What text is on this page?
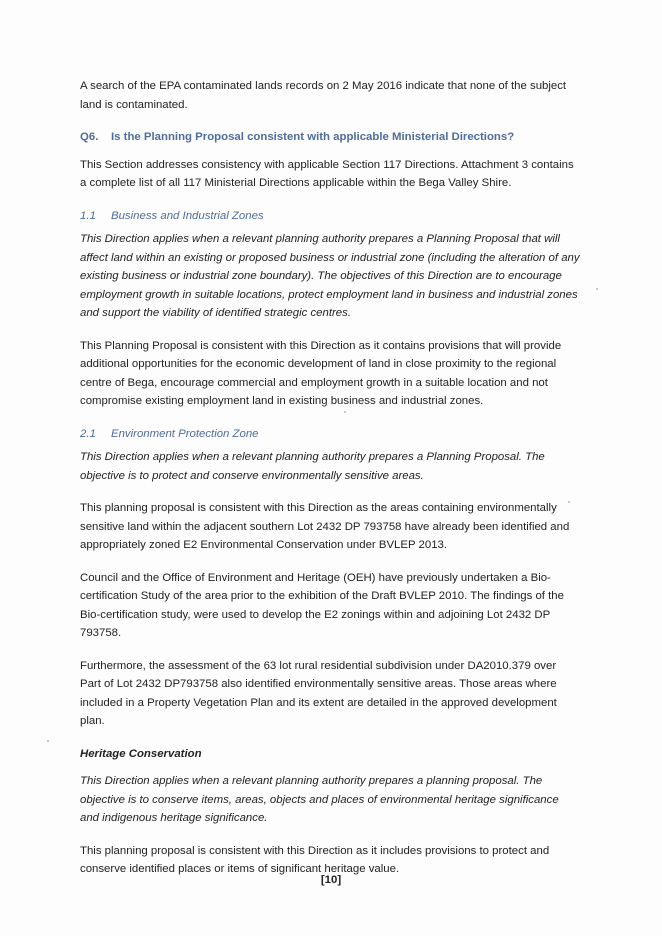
A search of the EPA contaminated lands records on 2 May 2016 indicate that none of the subject land is contaminated.

Q6. Is the Planning Proposal consistent with applicable Ministerial Directions?

This Section addresses consistency with applicable Section 117 Directions. Attachment 3 contains a complete list of all 117 Ministerial Directions applicable within the Bega Valley Shire.

1.1 Business and Industrial Zones

This Direction applies when a relevant planning authority prepares a Planning Proposal that will affect land within an existing or proposed business or industrial zone (including the alteration of any existing business or industrial zone boundary). The objectives of this Direction are to encourage employment growth in suitable locations, protect employment land in business and industrial zones and support the viability of identified strategic centres.

This Planning Proposal is consistent with this Direction as it contains provisions that will provide additional opportunities for the economic development of land in close proximity to the regional centre of Bega, encourage commercial and employment growth in a suitable location and not compromise existing employment land in existing business and industrial zones.

2.1 Environment Protection Zone

This Direction applies when a relevant planning authority prepares a Planning Proposal. The objective is to protect and conserve environmentally sensitive areas.

This planning proposal is consistent with this Direction as the areas containing environmentally sensitive land within the adjacent southern Lot 2432 DP 793758 have already been identified and appropriately zoned E2 Environmental Conservation under BVLEP 2013.

Council and the Office of Environment and Heritage (OEH) have previously undertaken a Bio-certification Study of the area prior to the exhibition of the Draft BVLEP 2010. The findings of the Bio-certification study, were used to develop the E2 zonings within and adjoining Lot 2432 DP 793758.

Furthermore, the assessment of the 63 lot rural residential subdivision under DA2010.379 over Part of Lot 2432 DP793758 also identified environmentally sensitive areas. Those areas where included in a Property Vegetation Plan and its extent are detailed in the approved development plan.

Heritage Conservation

This Direction applies when a relevant planning authority prepares a planning proposal. The objective is to conserve items, areas, objects and places of environmental heritage significance and indigenous heritage significance.

This planning proposal is consistent with this Direction as it includes provisions to protect and conserve identified places or items of significant heritage value.

[10]
